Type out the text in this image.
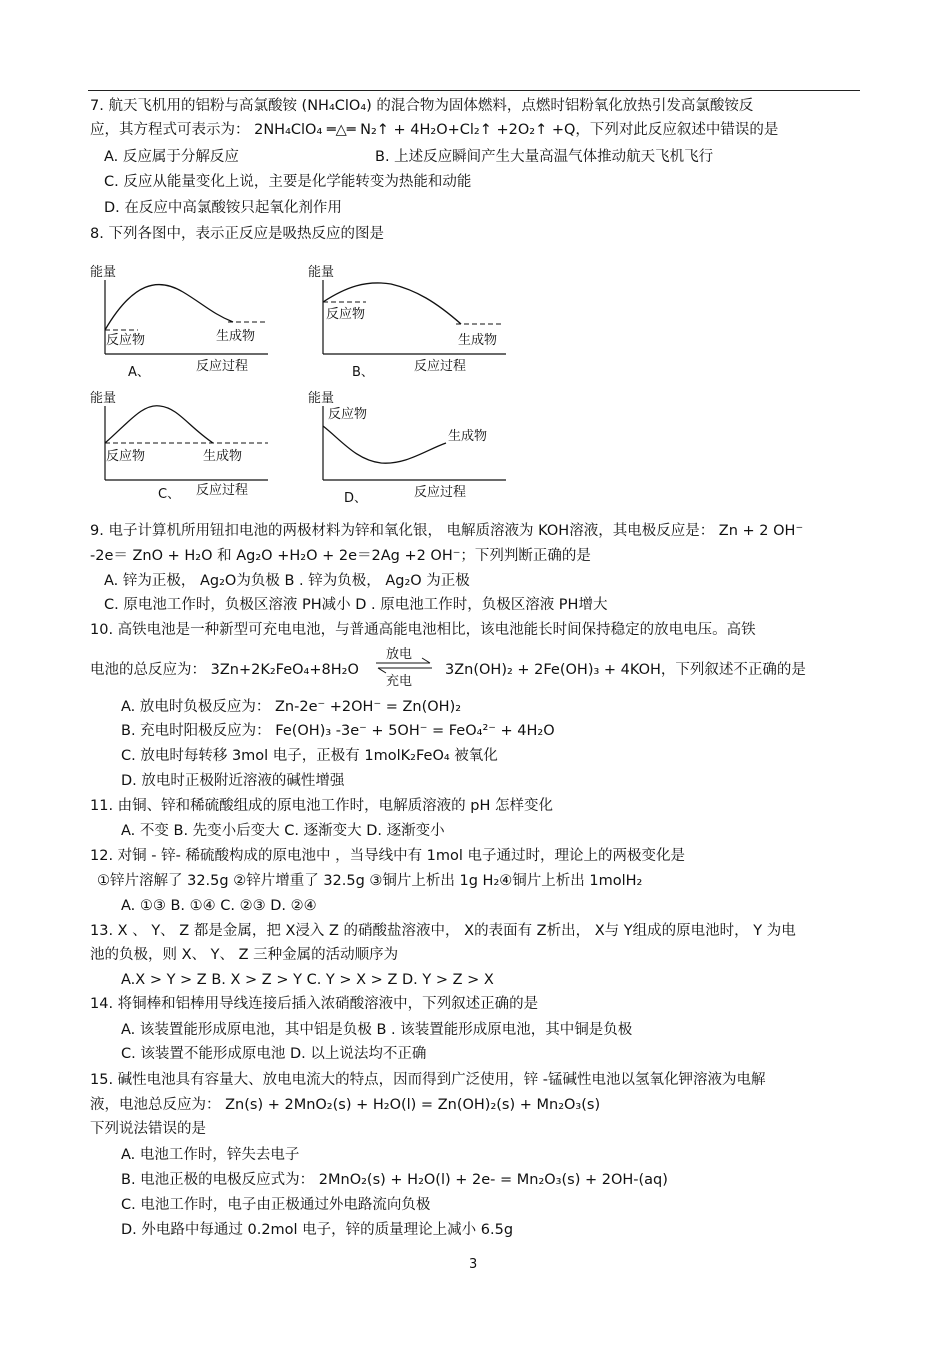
7. 航天飞机用的铝粉与高氯酸铵 (NH₄ClO₄) 的混合物为固体燃料，点燃时铝粉氧化放热引发高氯酸铵反
应，其方程式可表示为： 2NH₄ClO₄ ═△═ N₂↑ + 4H₂O+Cl₂↑ +2O₂↑ +Q，下列对此反应叙述中错误的是
A. 反应属于分解反应	B. 上述反应瞬间产生大量高温气体推动航天飞机飞行
C. 反应从能量变化上说，主要是化学能转变为热能和动能
D. 在反应中高氯酸铵只起氧化剂作用
8. 下列各图中，表示正反应是吸热反应的图是
能量
反应物	生成物
A、	反应过程
能量
反应物
生成物
B、	反应过程
能量
反应物	生成物
C、 反应过程
能量
反应物
生成物
D、	反应过程
9. 电子计算机所用钮扣电池的两极材料为锌和氧化银， 电解质溶液为 KOH溶液，其电极反应是： Zn + 2 OH⁻
-2e＝ ZnO + H₂O 和 Ag₂O +H₂O + 2e＝2Ag +2 OH⁻；下列判断正确的是
A. 锌为正极， Ag₂O为负极 B . 锌为负极， Ag₂O 为正极
C. 原电池工作时，负极区溶液 PH减小 D . 原电池工作时，负极区溶液 PH增大
10. 高铁电池是一种新型可充电电池，与普通高能电池相比，该电池能长时间保持稳定的放电电压。高铁
电池的总反应为： 3Zn+2K₂FeO₄+8H₂O
放电
充电
3Zn(OH)₂ + 2Fe(OH)₃ + 4KOH，下列叙述不正确的是
A. 放电时负极反应为： Zn-2e⁻ +2OH⁻ = Zn(OH)₂
B. 充电时阳极反应为： Fe(OH)₃ -3e⁻ + 5OH⁻ = FeO₄²⁻ + 4H₂O
C. 放电时每转移 3mol 电子，正极有 1molK₂FeO₄ 被氧化
D. 放电时正极附近溶液的碱性增强
11. 由铜、锌和稀硫酸组成的原电池工作时，电解质溶液的 pH 怎样变化
A. 不变 B. 先变小后变大 C. 逐渐变大 D. 逐渐变小
12. 对铜 - 锌- 稀硫酸构成的原电池中 ，当导线中有 1mol 电子通过时，理论上的两极变化是
①锌片溶解了 32.5g ②锌片增重了 32.5g ③铜片上析出 1g H₂④铜片上析出 1molH₂
A. ①③ B. ①④ C. ②③ D. ②④
13. X 、 Y、 Z 都是金属，把 X浸入 Z 的硝酸盐溶液中， X的表面有 Z析出， X与 Y组成的原电池时， Y 为电
池的负极，则 X、 Y、 Z 三种金属的活动顺序为
A.X > Y > Z B. X > Z > Y C. Y > X > Z D. Y > Z > X
14. 将铜棒和铝棒用导线连接后插入浓硝酸溶液中，下列叙述正确的是
A. 该装置能形成原电池，其中铝是负极 B . 该装置能形成原电池，其中铜是负极
C. 该装置不能形成原电池 D. 以上说法均不正确
15. 碱性电池具有容量大、放电电流大的特点，因而得到广泛使用，锌 -锰碱性电池以氢氧化钾溶液为电解
液，电池总反应为： Zn(s) + 2MnO₂(s) + H₂O(l) = Zn(OH)₂(s) + Mn₂O₃(s)
下列说法错误的是
A. 电池工作时，锌失去电子
B. 电池正极的电极反应式为： 2MnO₂(s) + H₂O(l) + 2e- = Mn₂O₃(s) + 2OH-(aq)
C. 电池工作时，电子由正极通过外电路流向负极
D. 外电路中每通过 0.2mol 电子，锌的质量理论上减小 6.5g
3
